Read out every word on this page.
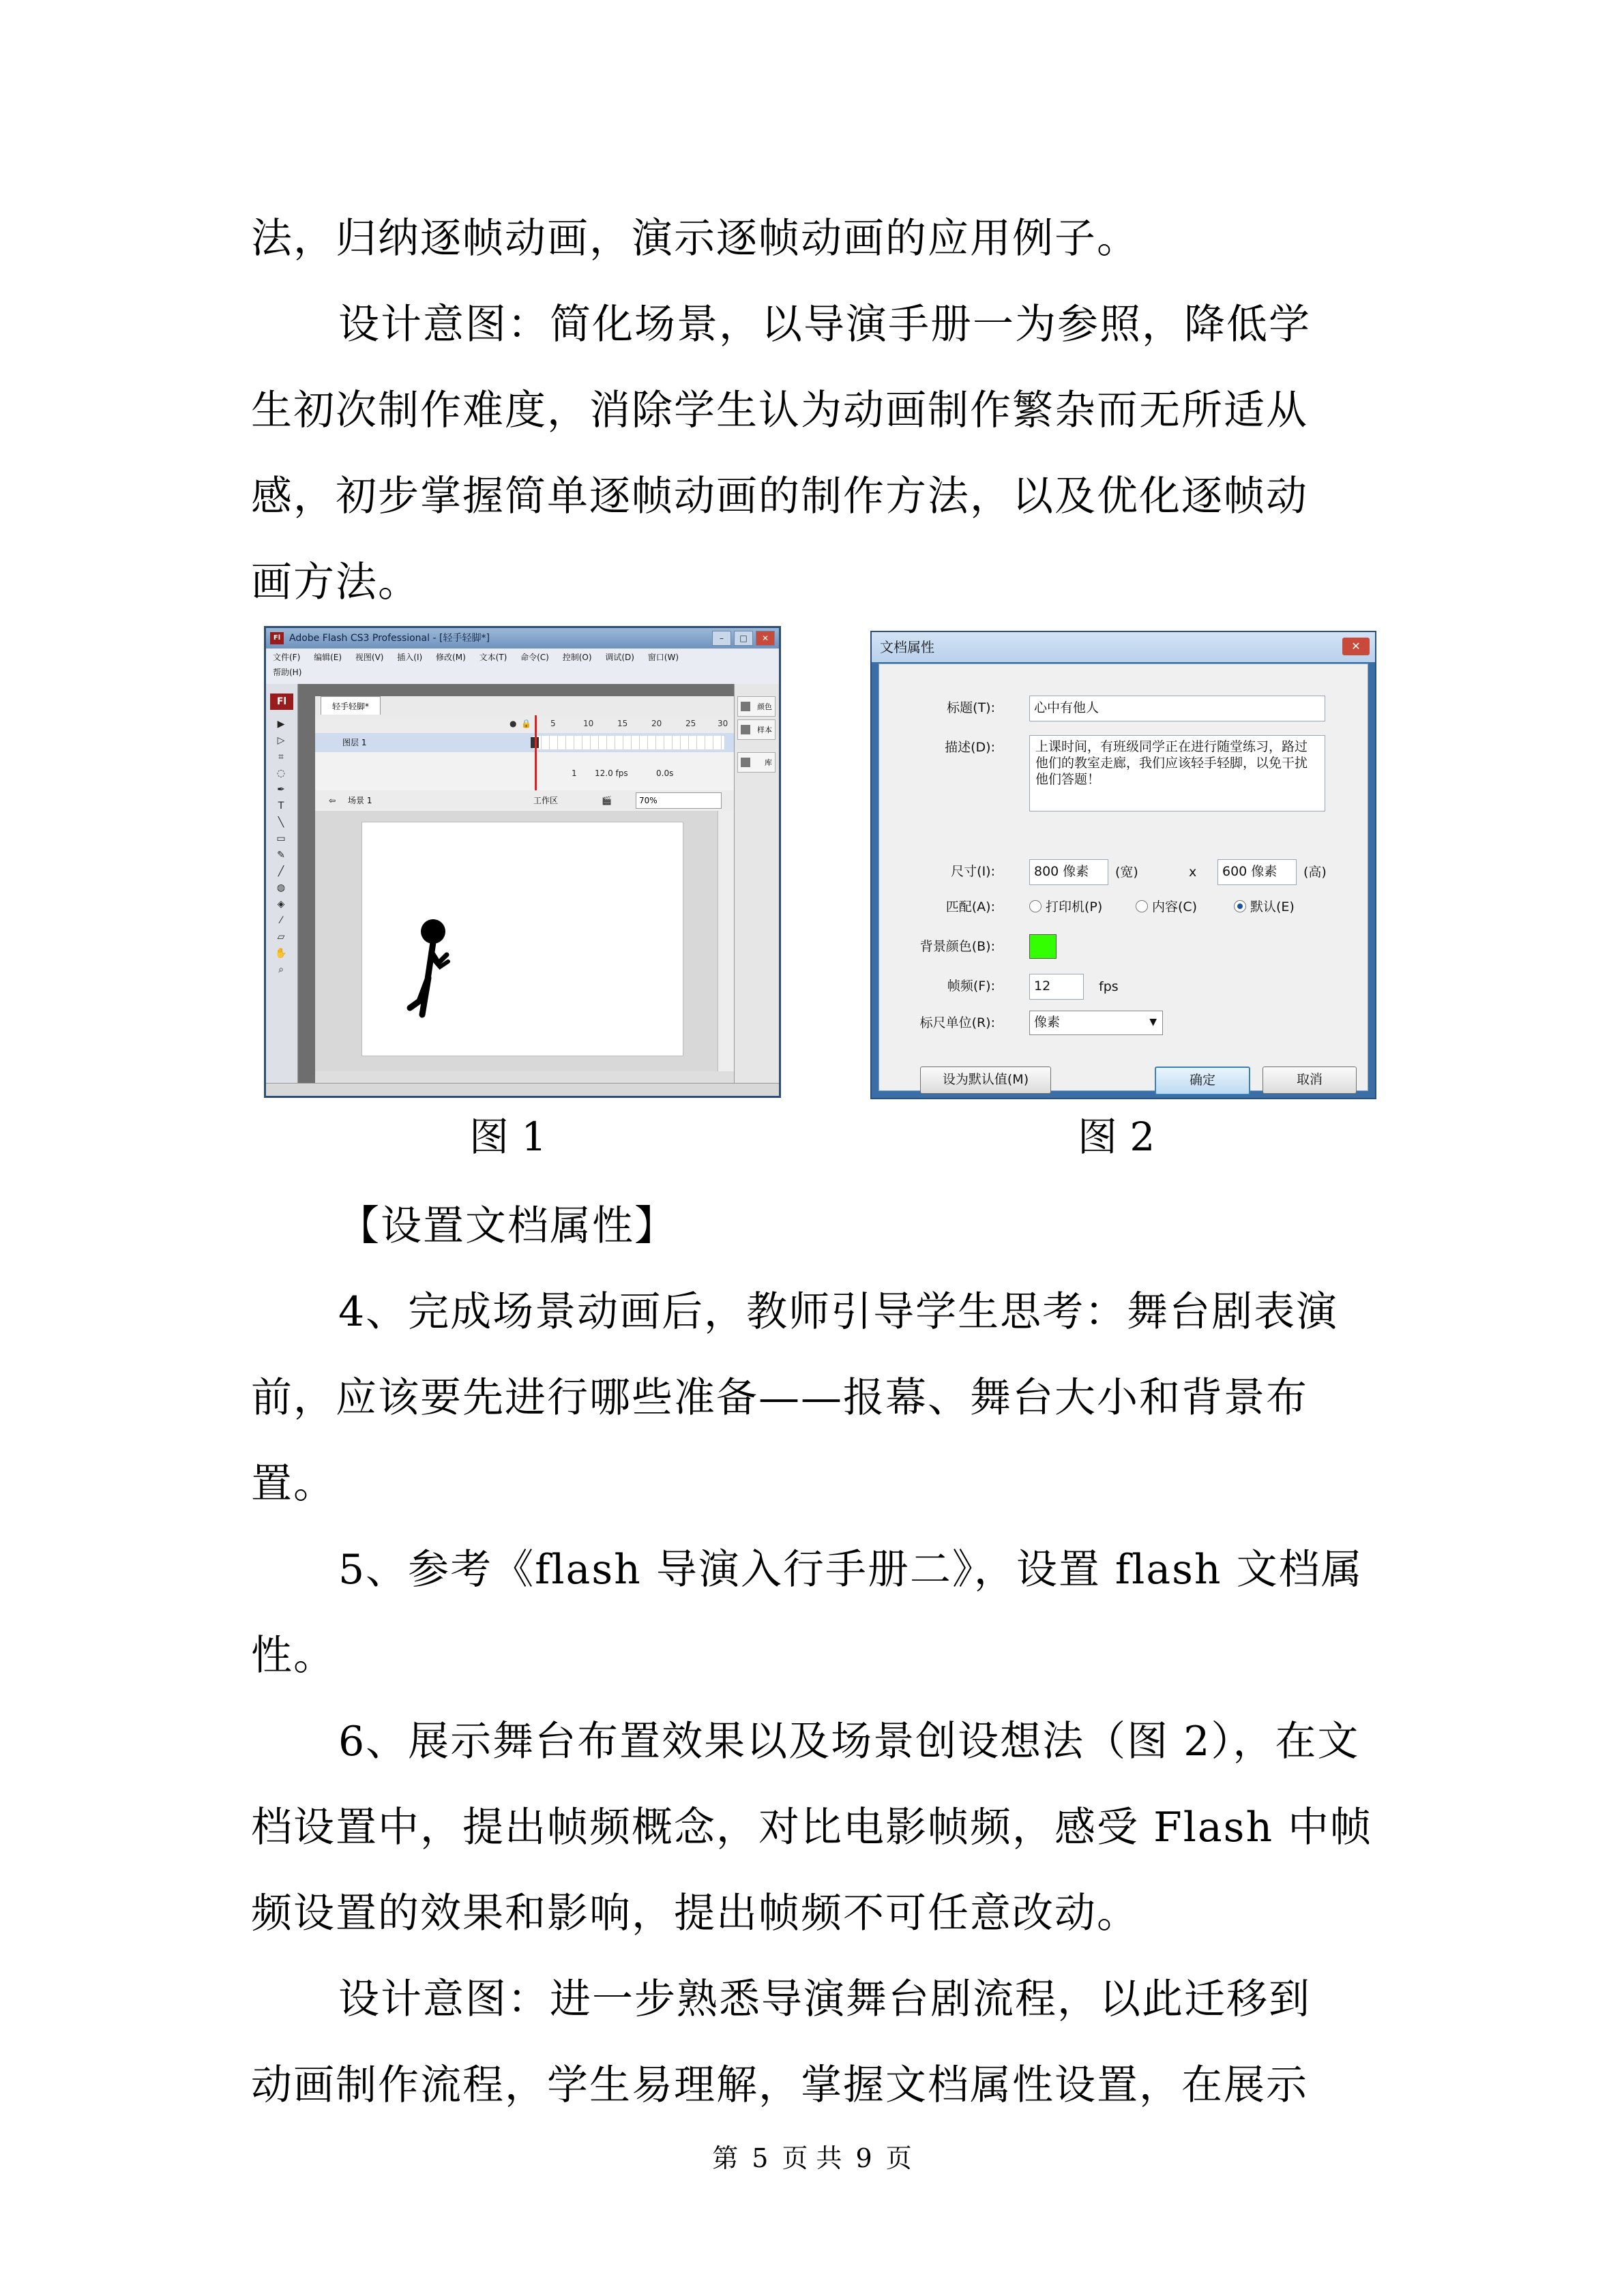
法，归纳逐帧动画，演示逐帧动画的应用例子。
设计意图：简化场景，以导演手册一为参照，降低学
生初次制作难度，消除学生认为动画制作繁杂而无所适从
感，初步掌握简单逐帧动画的制作方法，以及优化逐帧动
画方法。
Fl Adobe Flash CS3 Professional - [轻手轻脚*]	–	□	✕
文件(F) 编辑(E) 视图(V) 插入(I) 修改(M) 文本(T) 命令(C) 控制(O) 调试(D) 窗口(W)
帮助(H)
Fl
▶
▷
⌗
◌
✒
T
╲
▭
✎
╱
◍
◈
⁄
▱
✋
⌕
轻手轻脚*
● 🔒 5	10	15	20	25	30
图层 1
1 12.0 fps	0.0s
⇦ 场景 1	工作区	🎬	70%
颜色
样本
库
文档属性	✕
标题(T):	心中有他人
描述(D):	上课时间，有班级同学正在进行随堂练习，路过他们的教室走廊，我们应该轻手轻脚，以免干扰他们答题！
尺寸(I):	800 像素	(宽)	x	600 像素	(高)
匹配(A):	打印机(P)	内容(C)	默认(E)
背景颜色(B):
帧频(F):	12	fps
标尺单位(R):	像素	▼
设为默认值(M)	确定	取消
图 1	图 2
【设置文档属性】
4、完成场景动画后，教师引导学生思考：舞台剧表演
前，应该要先进行哪些准备——报幕、舞台大小和背景布
置。
5、参考《flash 导演入行手册二》，设置 flash 文档属
性。
6、展示舞台布置效果以及场景创设想法（图 2），在文
档设置中，提出帧频概念，对比电影帧频，感受 Flash 中帧
频设置的效果和影响，提出帧频不可任意改动。
设计意图：进一步熟悉导演舞台剧流程，以此迁移到
动画制作流程，学生易理解，掌握文档属性设置，在展示
第 5 页 共 9 页
